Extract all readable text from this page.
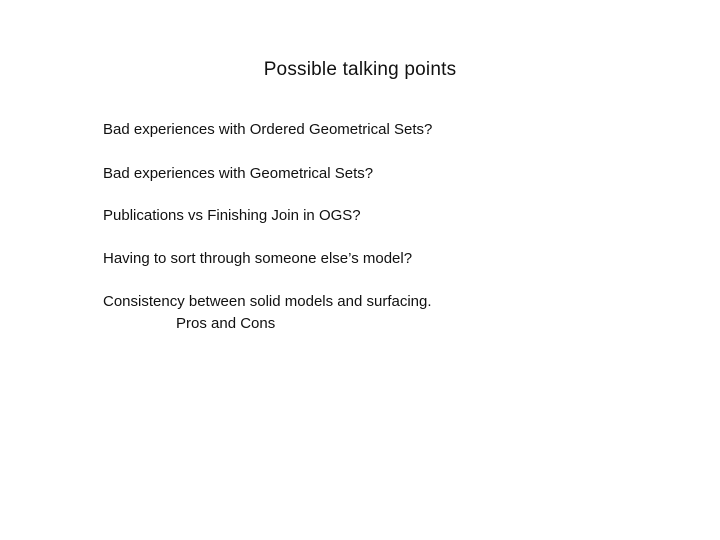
Possible talking points
Bad experiences with Ordered Geometrical Sets?
Bad experiences with Geometrical Sets?
Publications vs Finishing Join in OGS?
Having to sort through someone else’s model?
Consistency between solid models and surfacing.
Pros and Cons
